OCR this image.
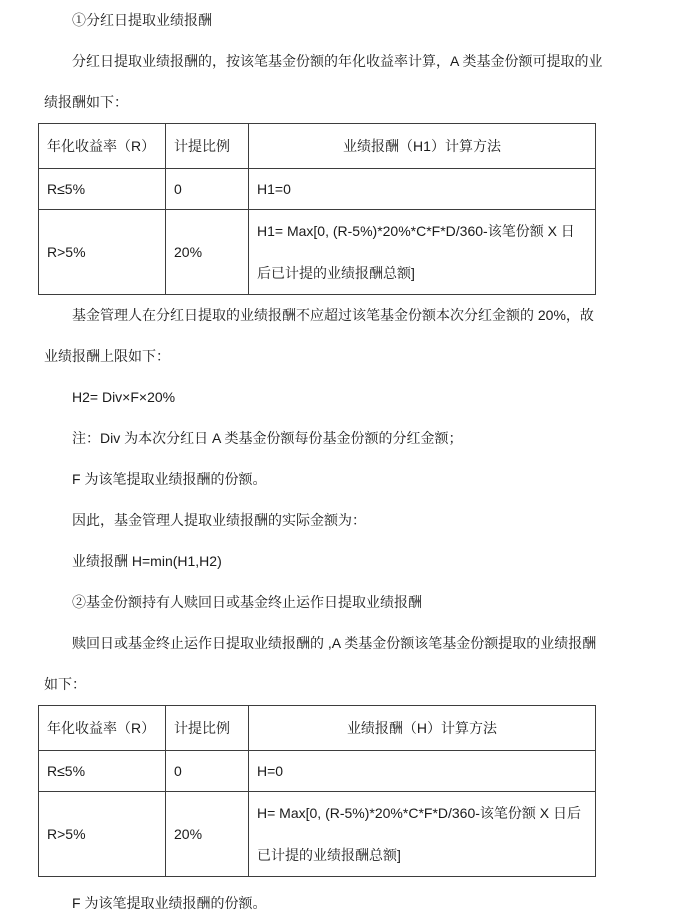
①分红日提取业绩报酬
分红日提取业绩报酬的，按该笔基金份额的年化收益率计算，A 类基金份额可提取的业
绩报酬如下：
年化收益率（R）	计提比例	业绩报酬（H1）计算方法
R≤5%	0	H1=0
R>5%	20%	H1= Max[0, (R-5%)*20%*C*F*D/360-该笔份额 X 日后已计提的业绩报酬总额]
基金管理人在分红日提取的业绩报酬不应超过该笔基金份额本次分红金额的 20%，故
业绩报酬上限如下：
H2= Div×F×20%
注：Div 为本次分红日 A 类基金份额每份基金份额的分红金额；
F 为该笔提取业绩报酬的份额。
因此，基金管理人提取业绩报酬的实际金额为：
业绩报酬 H=min(H1,H2)
②基金份额持有人赎回日或基金终止运作日提取业绩报酬
赎回日或基金终止运作日提取业绩报酬的 ,A 类基金份额该笔基金份额提取的业绩报酬
如下：
年化收益率（R）	计提比例	业绩报酬（H）计算方法
R≤5%	0	H=0
R>5%	20%	H= Max[0, (R-5%)*20%*C*F*D/360-该笔份额 X 日后已计提的业绩报酬总额]
F 为该笔提取业绩报酬的份额。
